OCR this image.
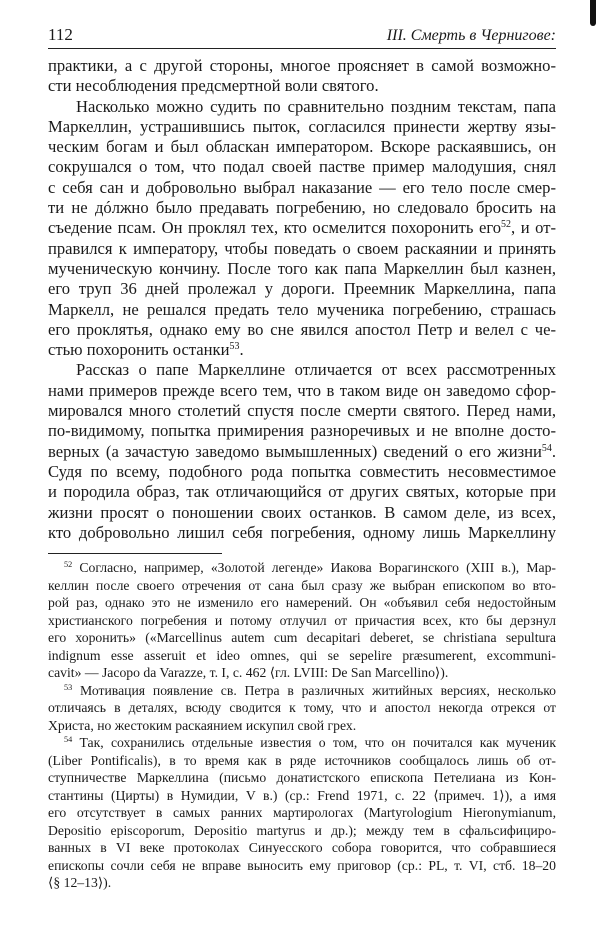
112	III. Смерть в Чернигове:
практики, а с другой стороны, многое проясняет в самой возможно-
сти несоблюдения предсмертной воли святого.
Насколько можно судить по сравнительно поздним текстам, папа
Маркеллин, устрашившись пыток, согласился принести жертву язы-
ческим богам и был обласкан императором. Вскоре раскаявшись, он
сокрушался о том, что подал своей пастве пример малодушия, снял
с себя сан и добровольно выбрал наказание — его тело после смер-
ти не дóлжно было предавать погребению, но следовало бросить на
съедение псам. Он проклял тех, кто осмелится похоронить его$^{52}$, и от-
правился к императору, чтобы поведать о своем раскаянии и принять
мученическую кончину. После того как папа Маркеллин был казнен,
его труп 36 дней пролежал у дороги. Преемник Маркеллина, папа
Маркелл, не решался предать тело мученика погребению, страшась
его проклятья, однако ему во сне явился апостол Петр и велел с че-
стью похоронить останки$^{53}$.
Рассказ о папе Маркеллине отличается от всех рассмотренных
нами примеров прежде всего тем, что в таком виде он заведомо сфор-
мировался много столетий спустя после смерти святого. Перед нами,
по-видимому, попытка примирения разноречивых и не вполне досто-
верных (а зачастую заведомо вымышленных) сведений о его жизни$^{54}$.
Судя по всему, подобного рода попытка совместить несовместимое
и породила образ, так отличающийся от других святых, которые при
жизни просят о поношении своих останков. В самом деле, из всех,
кто добровольно лишил себя погребения, одному лишь Маркеллину
$^{52}$ Согласно, например, «Золотой легенде» Иакова Ворагинского (XIII в.), Мар-
келлин после своего отречения от сана был сразу же выбран епископом во вто-
рой раз, однако это не изменило его намерений. Он «объявил себя недостойным
христианского погребения и потому отлучил от причастия всех, кто бы дерзнул
его хоронить» («Marcellinus autem cum decapitari deberet, se christiana sepultura
indignum esse asseruit et ideo omnes, qui se sepelire præsumerent, excommuni-
cavit» — Jacopo da Varazze, т. I, с. 462 ⟨гл. LVIII: De San Marcellino⟩).
$^{53}$ Мотивация появление св. Петра в различных житийных версиях, несколько
отличаясь в деталях, всюду сводится к тому, что и апостол некогда отрекся от
Христа, но жестоким раскаянием искупил свой грех.
$^{54}$ Так, сохранились отдельные известия о том, что он почитался как мученик
(Liber Pontificalis), в то время как в ряде источников сообщалось лишь об от-
ступничестве Маркеллина (письмо донатистского епископа Петелиана из Кон-
стантины (Цирты) в Нумидии, V в.) (ср.: Frend 1971, с. 22 ⟨примеч. 1⟩), а имя
его отсутствует в самых ранних мартирологах (Martyrologium Hieronymianum,
Depositio episcoporum, Depositio martyrus и др.); между тем в сфальсифициро-
ванных в VI веке протоколах Синуесского собора говорится, что собравшиеся
епископы сочли себя не вправе выносить ему приговор (ср.: PL, т. VI, стб. 18–20
⟨§ 12–13⟩).
